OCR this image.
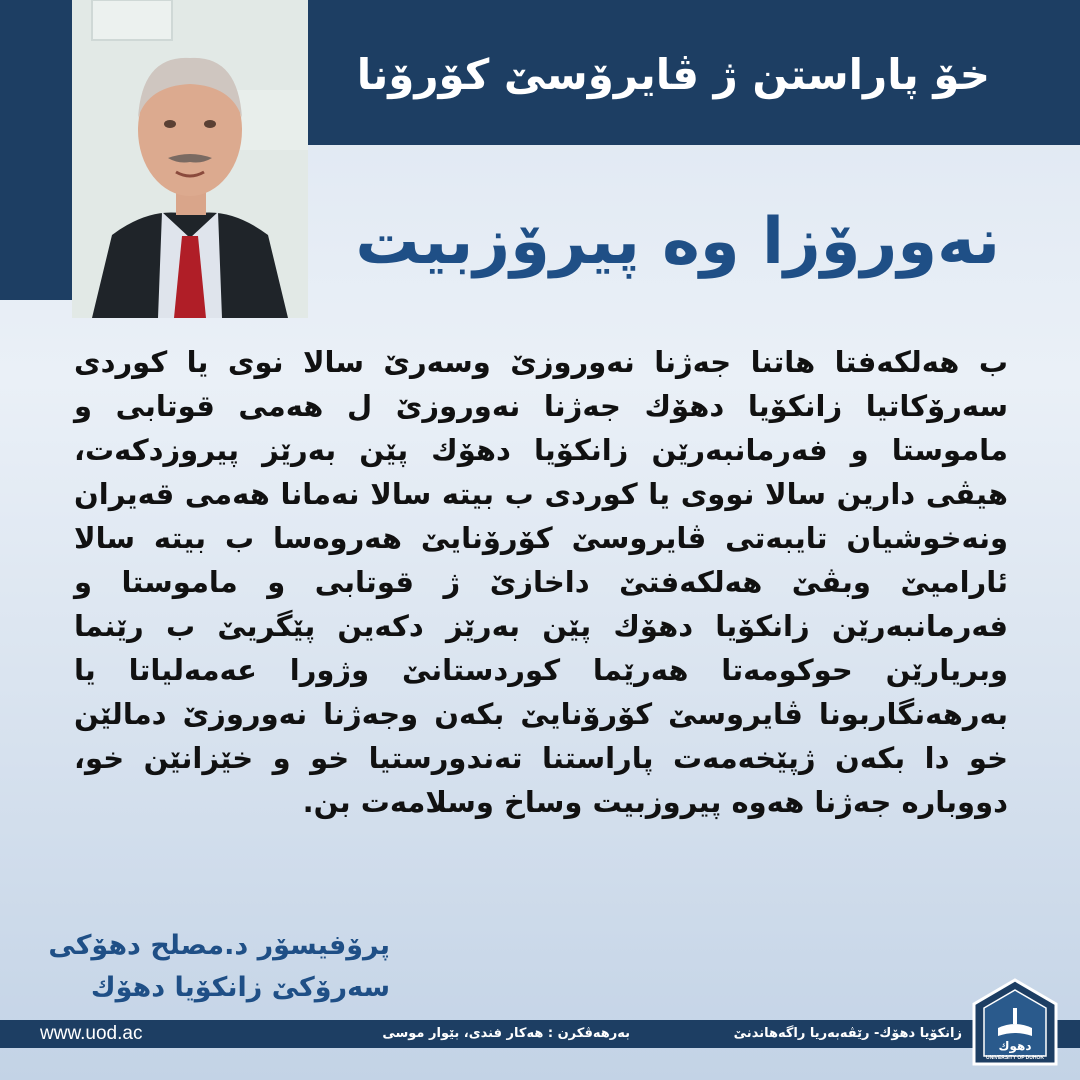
خۆ پاراستن ژ ڤایرۆسێ کۆرۆنا
نەورۆزا وە پیرۆزبیت
ب هەلکەفتا هاتنا جەژنا نەوروزێ وسەرێ سالا نوی یا کوردی سەرۆکاتیا زانکۆیا دهۆك جەژنا نەوروزێ ل هەمی قوتابی و ماموستا و فەرمانبەرێن زانکۆیا دهۆك پێن بەرێز پیروزدکەت، هیڤی دارین سالا نووی یا کوردی ب بیتە سالا نەمانا هەمی قەیران ونەخوشیان تایبەتی ڤایروسێ کۆرۆنایێ هەروەسا ب بیتە سالا ئارامیێ وبڤێ هەلکەفتێ داخازێ ژ قوتابی و ماموستا و فەرمانبەرێن زانکۆیا دهۆك پێن بەرێز دکەین پێگریێ ب رێنما وبریارێن حوکومەتا هەرێما کوردستانێ وژورا عەمەلیاتا یا بەرهەنگاربونا ڤایروسێ کۆرۆنایێ بکەن وجەژنا نەوروزێ دمالێن خو دا بکەن ژپێخەمەت پاراستنا تەندورستیا خو و خێزانێن خو، دووبارە جەژنا هەوە پیروزبیت وساخ وسلامەت بن.
پرۆفیسۆر د.مصلح دهۆکی
سەرۆکێ زانکۆیا دهۆك
www.uod.ac	بەرهەڤکرن : هەکار فندی، بێوار موسی	زانکۆیا دهۆك- رێڤەبەریا راگەهاندنێ
دهوك
UNIVERSITY OF DUHOK
